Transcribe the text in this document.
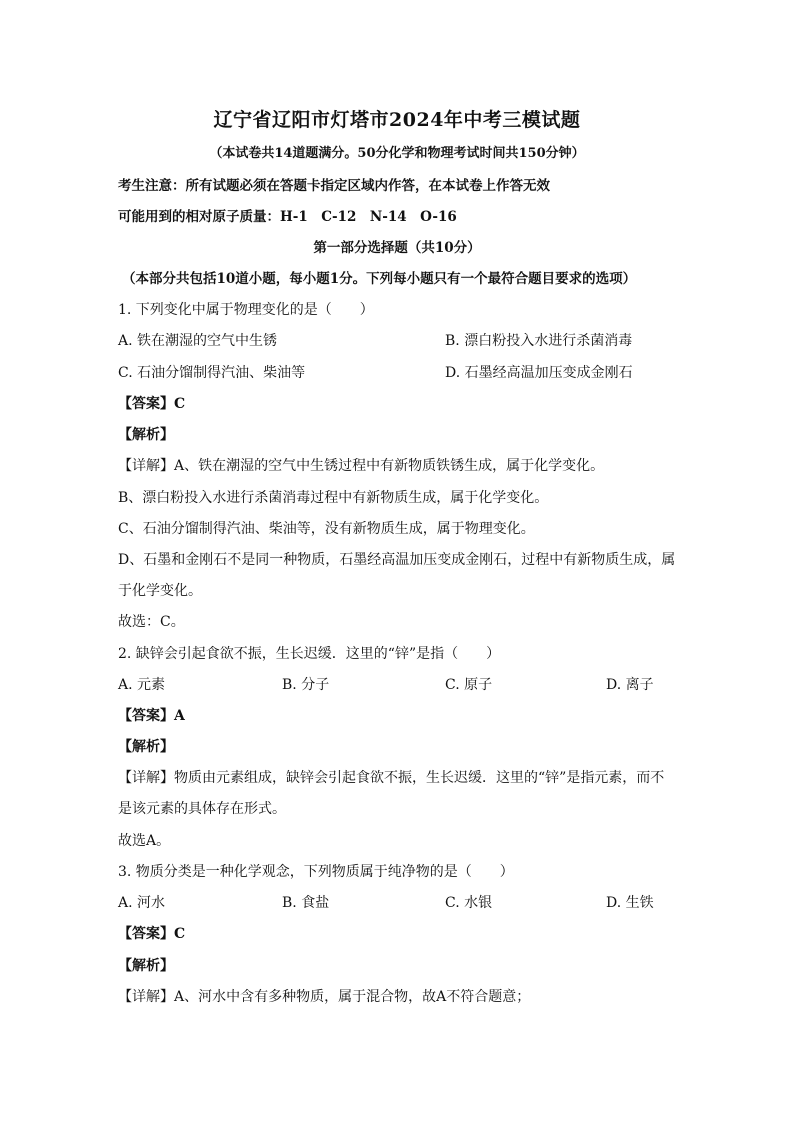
辽宁省辽阳市灯塔市2024年中考三模试题
（本试卷共14道题满分。50分化学和物理考试时间共150分钟）
考生注意：所有试题必须在答题卡指定区域内作答，在本试卷上作答无效
可能用到的相对原子质量：H-1　C-12　N-14　O-16
第一部分选择题（共10分）
（本部分共包括10道小题，每小题1分。下列每小题只有一个最符合题目要求的选项）
1. 下列变化中属于物理变化的是（　　）
A. 铁在潮湿的空气中生锈	B. 漂白粉投入水进行杀菌消毒
C. 石油分馏制得汽油、柴油等	D. 石墨经高温加压变成金刚石
【答案】C
【解析】
【详解】A、铁在潮湿的空气中生锈过程中有新物质铁锈生成，属于化学变化。
B、漂白粉投入水进行杀菌消毒过程中有新物质生成，属于化学变化。
C、石油分馏制得汽油、柴油等，没有新物质生成，属于物理变化。
D、石墨和金刚石不是同一种物质，石墨经高温加压变成金刚石，过程中有新物质生成，属
于化学变化。
故选：C。
2. 缺锌会引起食欲不振，生长迟缓．这里的“锌”是指（　　）
A. 元素	B. 分子	C. 原子	D. 离子
【答案】A
【解析】
【详解】物质由元素组成，缺锌会引起食欲不振，生长迟缓．这里的“锌”是指元素，而不
是该元素的具体存在形式。
故选A。
3. 物质分类是一种化学观念，下列物质属于纯净物的是（　　）
A. 河水	B. 食盐	C. 水银	D. 生铁
【答案】C
【解析】
【详解】A、河水中含有多种物质，属于混合物，故A不符合题意；
